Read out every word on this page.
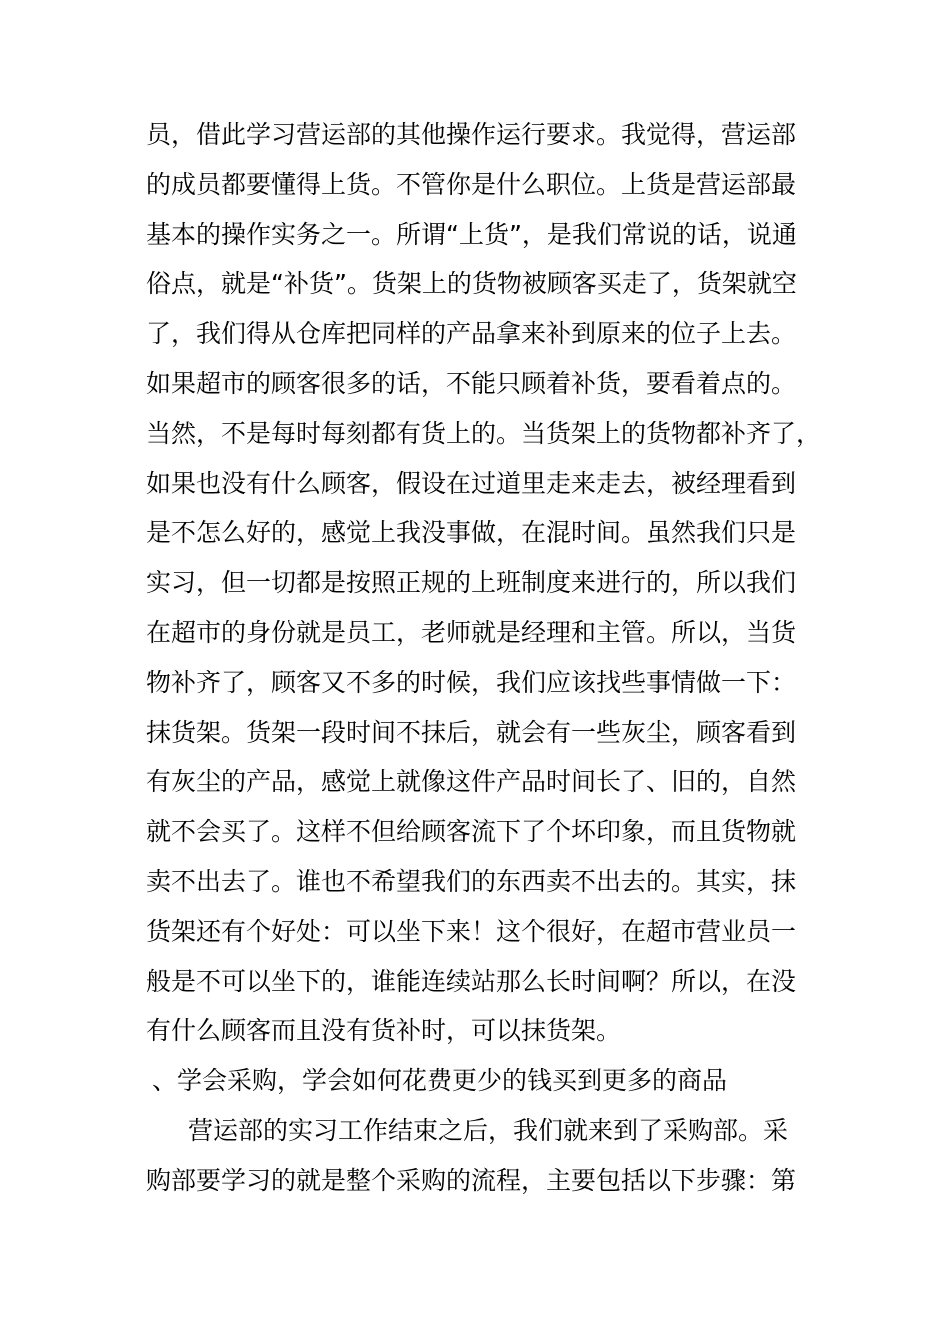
员，借此学习营运部的其他操作运行要求。我觉得，营运部
的成员都要懂得上货。不管你是什么职位。上货是营运部最
基本的操作实务之一。所谓“上货”，是我们常说的话，说通
俗点，就是“补货”。货架上的货物被顾客买走了，货架就空
了，我们得从仓库把同样的产品拿来补到原来的位子上去。
如果超市的顾客很多的话，不能只顾着补货，要看着点的。
当然，不是每时每刻都有货上的。当货架上的货物都补齐了，
如果也没有什么顾客，假设在过道里走来走去，被经理看到
是不怎么好的，感觉上我没事做，在混时间。虽然我们只是
实习，但一切都是按照正规的上班制度来进行的，所以我们
在超市的身份就是员工，老师就是经理和主管。所以，当货
物补齐了，顾客又不多的时候，我们应该找些事情做一下：
抹货架。货架一段时间不抹后，就会有一些灰尘，顾客看到
有灰尘的产品，感觉上就像这件产品时间长了、旧的，自然
就不会买了。这样不但给顾客流下了个坏印象，而且货物就
卖不出去了。谁也不希望我们的东西卖不出去的。其实，抹
货架还有个好处：可以坐下来！这个很好，在超市营业员一
般是不可以坐下的，谁能连续站那么长时间啊？所以，在没
有什么顾客而且没有货补时，可以抹货架。
、学会采购，学会如何花费更少的钱买到更多的商品
营运部的实习工作结束之后，我们就来到了采购部。采
购部要学习的就是整个采购的流程，主要包括以下步骤：第
